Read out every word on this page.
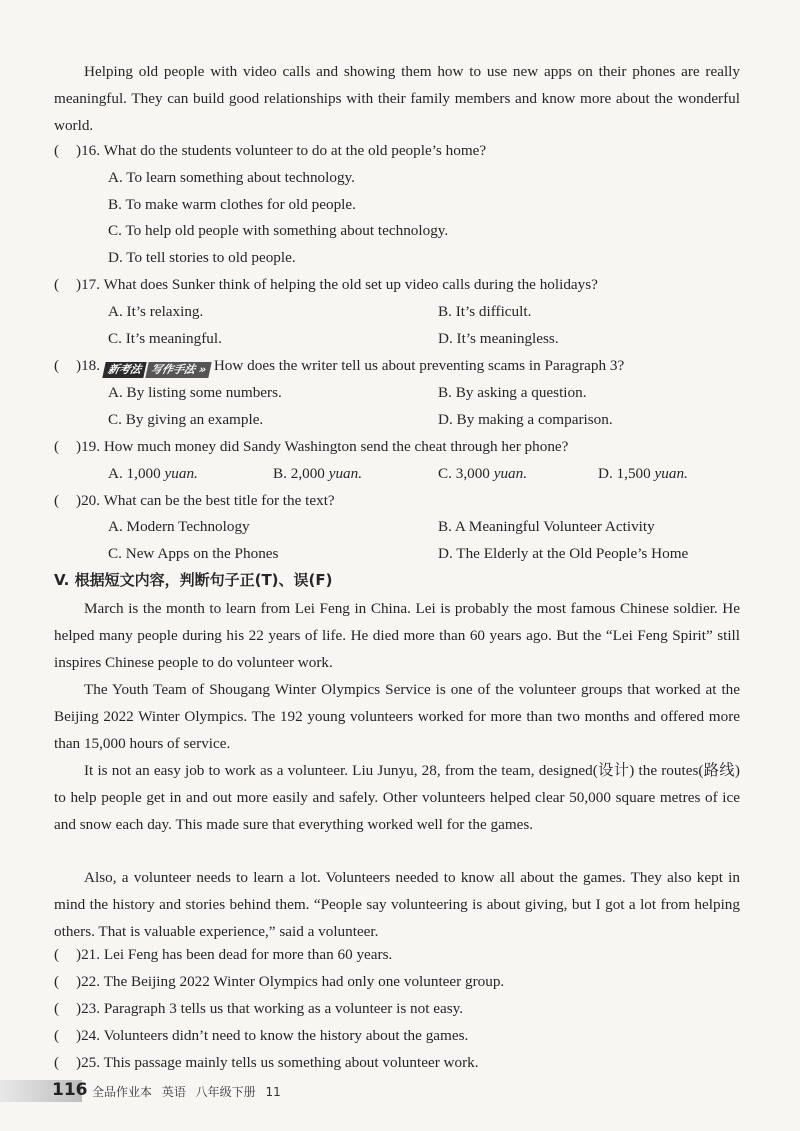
Helping old people with video calls and showing them how to use new apps on their phones are really meaningful. They can build good relationships with their family members and know more about the wonderful world.

( )16. What do the students volunteer to do at the old people’s home?
A. To learn something about technology.
B. To make warm clothes for old people.
C. To help old people with something about technology.
D. To tell stories to old people.
( )17. What does Sunker think of helping the old set up video calls during the holidays?
A. It’s relaxing.	B. It’s difficult.
C. It’s meaningful.	D. It’s meaningless.
( )18. 新考法 写作手法 » How does the writer tell us about preventing scams in Paragraph 3?
A. By listing some numbers.	B. By asking a question.
C. By giving an example.	D. By making a comparison.
( )19. How much money did Sandy Washington send the cheat through her phone?
A. 1,000 yuan.	B. 2,000 yuan.	C. 3,000 yuan.	D. 1,500 yuan.
( )20. What can be the best title for the text?
A. Modern Technology	B. A Meaningful Volunteer Activity
C. New Apps on the Phones	D. The Elderly at the Old People’s Home
V. 根据短文内容，判断句子正(T)、误(F)

March is the month to learn from Lei Feng in China. Lei is probably the most famous Chinese soldier. He helped many people during his 22 years of life. He died more than 60 years ago. But the “Lei Feng Spirit” still inspires Chinese people to do volunteer work.

The Youth Team of Shougang Winter Olympics Service is one of the volunteer groups that worked at the Beijing 2022 Winter Olympics. The 192 young volunteers worked for more than two months and offered more than 15,000 hours of service.

It is not an easy job to work as a volunteer. Liu Junyu, 28, from the team, designed(设计) the routes(路线) to help people get in and out more easily and safely. Other volunteers helped clear 50,000 square metres of ice and snow each day. This made sure that everything worked well for the games.

Also, a volunteer needs to learn a lot. Volunteers needed to know all about the games. They also kept in mind the history and stories behind them. “People say volunteering is about giving, but I got a lot from helping others. That is valuable experience,” said a volunteer.

( )21. Lei Feng has been dead for more than 60 years.
( )22. The Beijing 2022 Winter Olympics had only one volunteer group.
( )23. Paragraph 3 tells us that working as a volunteer is not easy.
( )24. Volunteers didn’t need to know the history about the games.
( )25. This passage mainly tells us something about volunteer work.
116 全品作业本 英语 八年级下册 11
